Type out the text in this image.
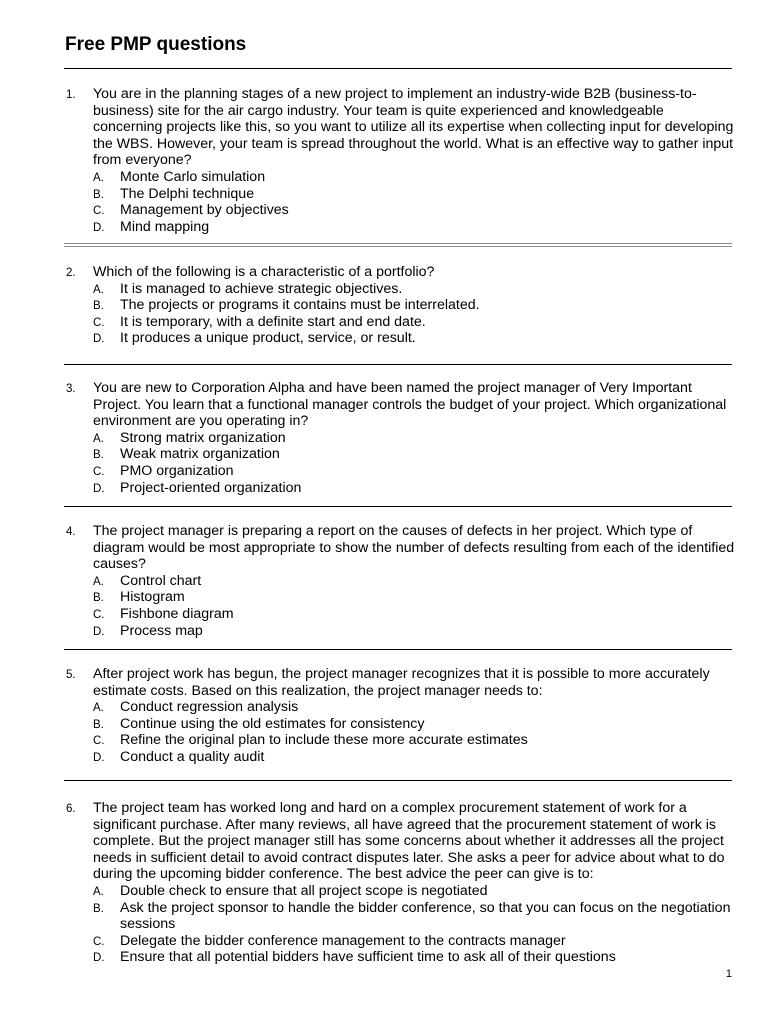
Free PMP questions
1. You are in the planning stages of a new project to implement an industry-wide B2B (business-to-business) site for the air cargo industry. Your team is quite experienced and knowledgeable concerning projects like this, so you want to utilize all its expertise when collecting input for developing the WBS. However, your team is spread throughout the world. What is an effective way to gather input from everyone?
A. Monte Carlo simulation
B. The Delphi technique
C. Management by objectives
D. Mind mapping
2. Which of the following is a characteristic of a portfolio?
A. It is managed to achieve strategic objectives.
B. The projects or programs it contains must be interrelated.
C. It is temporary, with a definite start and end date.
D. It produces a unique product, service, or result.
3. You are new to Corporation Alpha and have been named the project manager of Very Important Project. You learn that a functional manager controls the budget of your project. Which organizational environment are you operating in?
A. Strong matrix organization
B. Weak matrix organization
C. PMO organization
D. Project-oriented organization
4. The project manager is preparing a report on the causes of defects in her project. Which type of diagram would be most appropriate to show the number of defects resulting from each of the identified causes?
A. Control chart
B. Histogram
C. Fishbone diagram
D. Process map
5. After project work has begun, the project manager recognizes that it is possible to more accurately estimate costs. Based on this realization, the project manager needs to:
A. Conduct regression analysis
B. Continue using the old estimates for consistency
C. Refine the original plan to include these more accurate estimates
D. Conduct a quality audit
6. The project team has worked long and hard on a complex procurement statement of work for a significant purchase. After many reviews, all have agreed that the procurement statement of work is complete. But the project manager still has some concerns about whether it addresses all the project needs in sufficient detail to avoid contract disputes later. She asks a peer for advice about what to do during the upcoming bidder conference. The best advice the peer can give is to:
A. Double check to ensure that all project scope is negotiated
B. Ask the project sponsor to handle the bidder conference, so that you can focus on the negotiation sessions
C. Delegate the bidder conference management to the contracts manager
D. Ensure that all potential bidders have sufficient time to ask all of their questions
1
